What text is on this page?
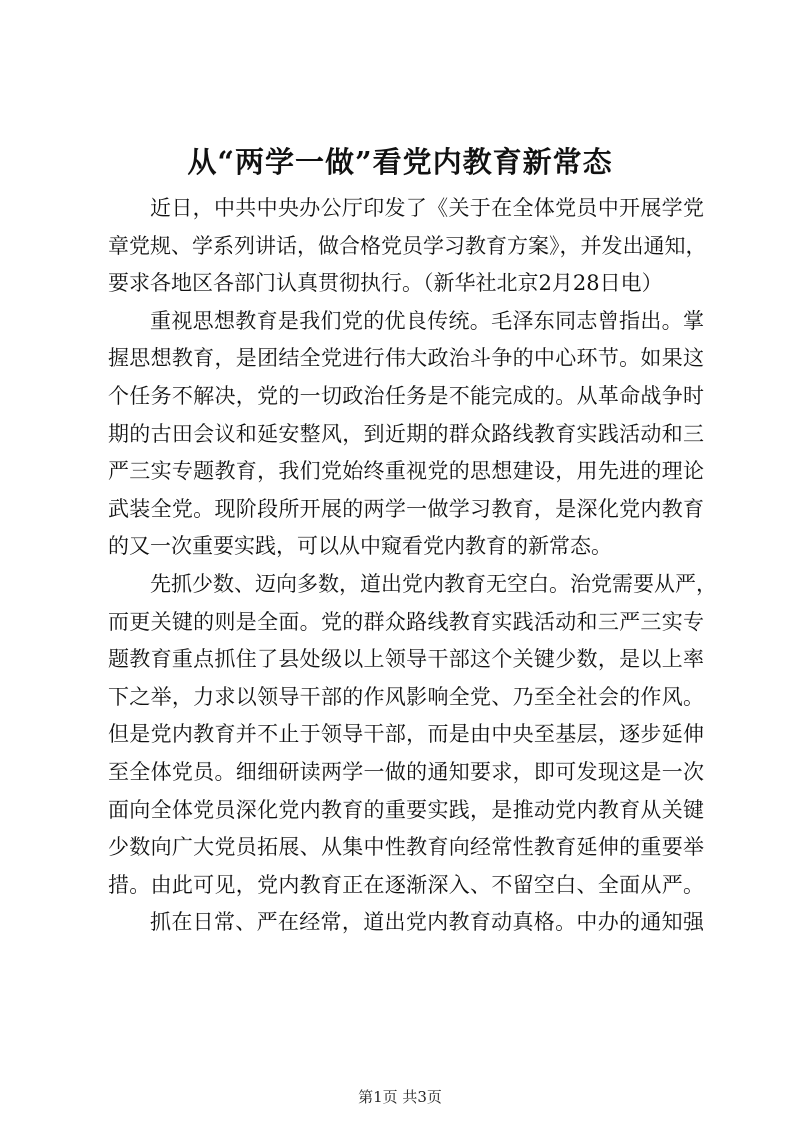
从“两学一做”看党内教育新常态

近日，中共中央办公厅印发了《关于在全体党员中开展学党
章党规、学系列讲话，做合格党员学习教育方案》，并发出通知，
要求各地区各部门认真贯彻执行。（新华社北京2月28日电）

重视思想教育是我们党的优良传统。毛泽东同志曾指出。掌
握思想教育，是团结全党进行伟大政治斗争的中心环节。如果这
个任务不解决，党的一切政治任务是不能完成的。从革命战争时
期的古田会议和延安整风，到近期的群众路线教育实践活动和三
严三实专题教育，我们党始终重视党的思想建设，用先进的理论
武装全党。现阶段所开展的两学一做学习教育，是深化党内教育
的又一次重要实践，可以从中窥看党内教育的新常态。

先抓少数、迈向多数，道出党内教育无空白。治党需要从严，
而更关键的则是全面。党的群众路线教育实践活动和三严三实专
题教育重点抓住了县处级以上领导干部这个关键少数，是以上率
下之举，力求以领导干部的作风影响全党、乃至全社会的作风。
但是党内教育并不止于领导干部，而是由中央至基层，逐步延伸
至全体党员。细细研读两学一做的通知要求，即可发现这是一次
面向全体党员深化党内教育的重要实践，是推动党内教育从关键
少数向广大党员拓展、从集中性教育向经常性教育延伸的重要举
措。由此可见，党内教育正在逐渐深入、不留空白、全面从严。

抓在日常、严在经常，道出党内教育动真格。中办的通知强

第1页 共3页
